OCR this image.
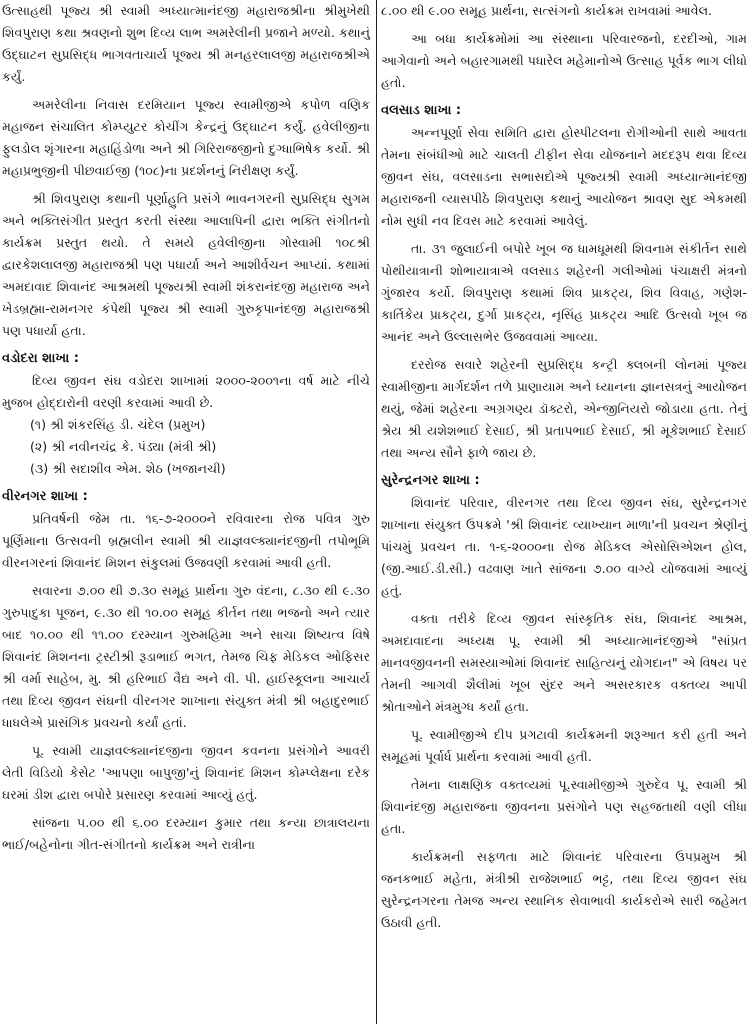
ઉત્સાહથી પૂજ્ય શ્રી સ્વામી અધ્યાત્માનંદજી મહારાજશ્રીના શ્રીમુખેથી શિવપુરાણ કથા શ્રવણનો શુભ દિવ્ય લાભ અમરેલીની પ્રજાને મળ્યો. કથાનું ઉદ્ઘાટન સુપ્રસિદ્ધ ભાગવતાચાર્ય પૂજ્ય શ્રી મનહરલાલજી મહારાજશ્રીએ કર્યું.

અમરેલીના નિવાસ દરમિયાન પૂજ્ય સ્વામીજીએ કપોળ વણિક મહાજન સંચાલિત કોમ્પ્યુટર કોચીંગ કેન્દ્રનું ઉદ્ઘાટન કર્યું. હવેલીજીના ફુલડોલ શૃંગારના મહાહિંડોળા અને શ્રી ગિરિરાજજીનો દુગ્ધાભિષેક કર્યો. શ્રી મહાપ્રભુજીની પીછવાઈજી (૧૦૮)ના પ્રદર્શનનું નિરીક્ષણ કર્યું.

શ્રી શિવપુરાણ કથાની પૂર્ણાહુતિ પ્રસંગે ભાવનગરની સુપ્રસિદ્ધ સુગમ અને ભક્તિસંગીત પ્રસ્તુત કરતી સંસ્થા આલાપિની દ્વારા ભક્તિ સંગીતનો કાર્યક્રમ પ્રસ્તુત થયો. તે સમયે હવેલીજીના ગોસ્વામી ૧૦૮શ્રી દ્વારકેશલાલજી મહારાજશ્રી પણ પધાર્યા અને આશીર્વચન આપ્યાં. કથામાં અમદાવાદ શિવાનંદ આશ્રમથી પૂજ્યશ્રી સ્વામી શંકરાનંદજી મહારાજ અને ખેડબ્રહ્મા-રામનગર કંપેથી પૂજ્ય શ્રી સ્વામી ગુરુકૃપાનંદજી મહારાજશ્રી પણ પધાર્યા હતા.

વડોદરા શાખા :

દિવ્ય જીવન સંઘ વડોદરા શાખામાં ૨૦૦૦-૨૦૦૧ના વર્ષ માટે નીચે મુજબ હોદ્દારોની વરણી કરવામાં આવી છે.

(૧) શ્રી શંકરસિંહ ડી. ચંદેલ (પ્રમુખ)
(૨) શ્રી નવીનચંદ્ર કે. પંડ્યા (મંત્રી શ્રી)
(૩) શ્રી સદાશીવ એમ. શેઠ (ખજાનચી)
વીરનગર શાખા :

પ્રતિવર્ષની જેમ તા. ૧૬-૭-૨૦૦૦ને રવિવારના રોજ પવિત્ર ગુરુ પૂર્ણિમાના ઉત્સવની બ્રહ્મલીન સ્વામી શ્રી યાજ્ઞવલ્ક્યાનંદજીની તપોભૂમિ વીરનગરનાં શિવાનંદ મિશન સંકુલમાં ઉજવણી કરવામાં આવી હતી.

સવારના ૭.૦૦ થી ૭.૩૦ સમૂહ પ્રાર્થના ગુરુ વંદના, ૮.૩૦ થી ૯.૩૦ ગુરુપાદુકા પૂજન, ૯.૩૦ થી ૧૦.૦૦ સમૂહ કીર્તન તથા ભજનો અને ત્યાર બાદ ૧૦.૦૦ થી ૧૧.૦૦ દરમ્યાન ગુરુમહિમા અને સાચા શિષ્યત્વ વિષે શિવાનંદ મિશનના ટ્રસ્ટીશ્રી રૂડાભાઈ ભગત, તેમજ ચિફ મેડિકલ ઓફિસર શ્રી વર્મા સાહેબ, મુ. શ્રી હરિભાઈ વૈદ્ય અને વી. પી. હાઈસ્કૂલના આચાર્ય તથા દિવ્ય જીવન સંઘની વીરનગર શાખાના સંયુક્ત મંત્રી શ્રી બહાદુરભાઈ ધાધલેએ પ્રાસંગિક પ્રવચનો કર્યાં હતાં.

પૂ. સ્વામી યાજ્ઞવલ્ક્યાનંદજીના જીવન કવનના પ્રસંગોને આવરી લેતી વિડિયો કેસેટ 'આપણા બાપુજી'નું શિવાનંદ મિશન કોમ્પ્લેક્ષના દરેક ઘરમાં ડીશ દ્વારા બપોરે પ્રસારણ કરવામાં આવ્યું હતું.

સાંજના ૫.૦૦ થી ૬.૦૦ દરમ્યાન કુમાર તથા કન્યા છાત્રાલયના ભાઈ/બહેનોના ગીત-સંગીતનો કાર્યક્રમ અને રાત્રીના

૮.૦૦ થી ૯.૦૦ સમૂહ પ્રાર્થના, સત્સંગનો કાર્યક્રમ રાખવામાં આવેલ.

આ બધા કાર્યક્રમોમાં આ સંસ્થાના પરિવારજનો, દરદીઓ, ગામ આગેવાનો અને બહારગામથી પધારેલ મહેમાનોએ ઉત્સાહ પૂર્વક ભાગ લીધો હતો.

વલસાડ શાખા :

અન્નપૂર્ણા સેવા સમિતિ દ્વારા હોસ્પીટલના રોગીઓની સાથે આવતા તેમના સંબંધીઓ માટે ચાલતી ટીફીન સેવા યોજનાને મદદરૂપ થવા દિવ્ય જીવન સંઘ, વલસાડના સભાસદોએ પૂજ્યશ્રી સ્વામી અધ્યાત્માનંદજી મહારાજની વ્યાસપીઠે શિવપુરાણ કથાનું આયોજન શ્રાવણ સુદ એકમથી નોમ સુધી નવ દિવસ માટે કરવામાં આવેલું.

તા. ૩૧ જુલાઈની બપોરે ખૂબ જ ધામધૂમથી શિવનામ સંકીર્તન સાથે પોથીયાત્રાની શોભાયાત્રાએ વલસાડ શહેરની ગલીઓમાં પંચાક્ષરી મંત્રનો ગુંજારવ કર્યો. શિવપુરાણ કથામાં શિવ પ્રાકટ્ય, શિવ વિવાહ, ગણેશ-કાર્તિકેય પ્રાકટ્ય, દુર્ગા પ્રાકટ્ય, નૃસિંહ પ્રાકટ્ય આદિ ઉત્સવો ખૂબ જ આનંદ અને ઉલ્લાસભેર ઉજવવામાં આવ્યા.

દરરોજ સવારે શહેરની સુપ્રસિદ્ધ કન્ટ્રી ક્લબની લોનમાં પૂજ્ય સ્વામીજીના માર્ગદર્શન તળે પ્રાણાયામ અને ધ્યાનના જ્ઞાનસત્રનું આયોજન થયું, જેમાં શહેરના અગ્રગણ્ય ડૉક્ટરો, એન્જીનિયરો જોડાયા હતા. તેનું શ્રેય શ્રી યશેશભાઈ દેસાઈ, શ્રી પ્રતાપભાઈ દેસાઈ, શ્રી મૂકેશભાઈ દેસાઈ તથા અન્ય સૌને ફાળે જાય છે.

સુરેન્દ્રનગર શાખા :

શિવાનંદ પરિવાર, વીરનગર તથા દિવ્ય જીવન સંઘ, સુરેન્દ્રનગર શાખાના સંયુક્ત ઉપક્રમે 'શ્રી શિવાનંદ વ્યાખ્યાન માળા'ની પ્રવચન શ્રેણીનું પાંચમું પ્રવચન તા. ૧-૬-૨૦૦૦ના રોજ મેડિકલ એસોસિએશન હોલ, (જી.આઈ.ડી.સી.) વઢવાણ ખાતે સાંજના ૭.૦૦ વાગ્યે યોજવામાં આવ્યું હતું.

વક્તા તરીકે દિવ્ય જીવન સાંસ્કૃતિક સંઘ, શિવાનંદ આશ્રમ, અમદાવાદના અધ્યક્ષ પૂ. સ્વામી શ્રી અધ્યાત્માનંદજીએ "સાંપ્રત માનવજીવનની સમસ્યાઓમાં શિવાનંદ સાહિત્યનું યોગદાન" એ વિષય પર તેમની આગવી શૈલીમાં ખૂબ સુંદર અને અસરકારક વક્તવ્ય આપી શ્રોતાઓને મંત્રમુગ્ધ કર્યાં હતા.

પૂ. સ્વામીજીએ દીપ પ્રગટાવી કાર્યક્રમની શરૂઆત કરી હતી અને સમૂહમાં પૂર્વાર્ધ પ્રાર્થના કરવામાં આવી હતી.

તેમના લાક્ષણિક વક્તવ્યમાં પૂ.સ્વામીજીએ ગુરુદેવ પૂ. સ્વામી શ્રી શિવાનંદજી મહારાજના જીવનના પ્રસંગોને પણ સહજતાથી વણી લીધા હતા.

કાર્યક્રમની સફળતા માટે શિવાનંદ પરિવારના ઉપપ્રમુખ શ્રી જનકભાઈ મહેતા, મંત્રીશ્રી રાજેશભાઈ ભટ્ટ, તથા દિવ્ય જીવન સંઘ સુરેન્દ્રનગરના તેમજ અન્ય સ્થાનિક સેવાભાવી કાર્યકરોએ સારી જહેમત ઉઠાવી હતી.
